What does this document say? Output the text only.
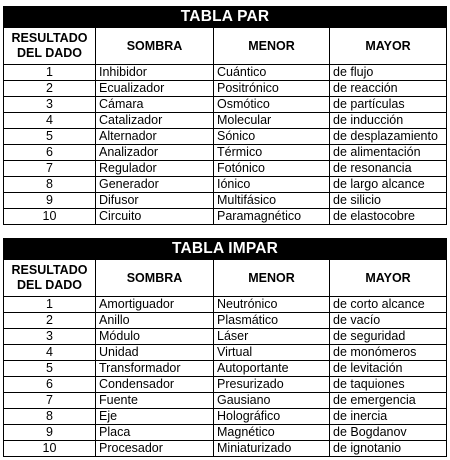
TABLA PAR			
RESULTADO DEL DADO	SOMBRA	MENOR	MAYOR
1	Inhibidor	Cuántico	de flujo
2	Ecualizador	Positrónico	de reacción
3	Cámara	Osmótico	de partículas
4	Catalizador	Molecular	de inducción
5	Alternador	Sónico	de desplazamiento
6	Analizador	Térmico	de alimentación
7	Regulador	Fotónico	de resonancia
8	Generador	Iónico	de largo alcance
9	Difusor	Multifásico	de silicio
10	Circuito	Paramagnético	de elastocobre
TABLA IMPAR			
RESULTADO DEL DADO	SOMBRA	MENOR	MAYOR
1	Amortiguador	Neutrónico	de corto alcance
2	Anillo	Plasmático	de vacío
3	Módulo	Láser	de seguridad
4	Unidad	Virtual	de monómeros
5	Transformador	Autoportante	de levitación
6	Condensador	Presurizado	de taquiones
7	Fuente	Gausiano	de emergencia
8	Eje	Holográfico	de inercia
9	Placa	Magnético	de Bogdanov
10	Procesador	Miniaturizado	de ignotanio
